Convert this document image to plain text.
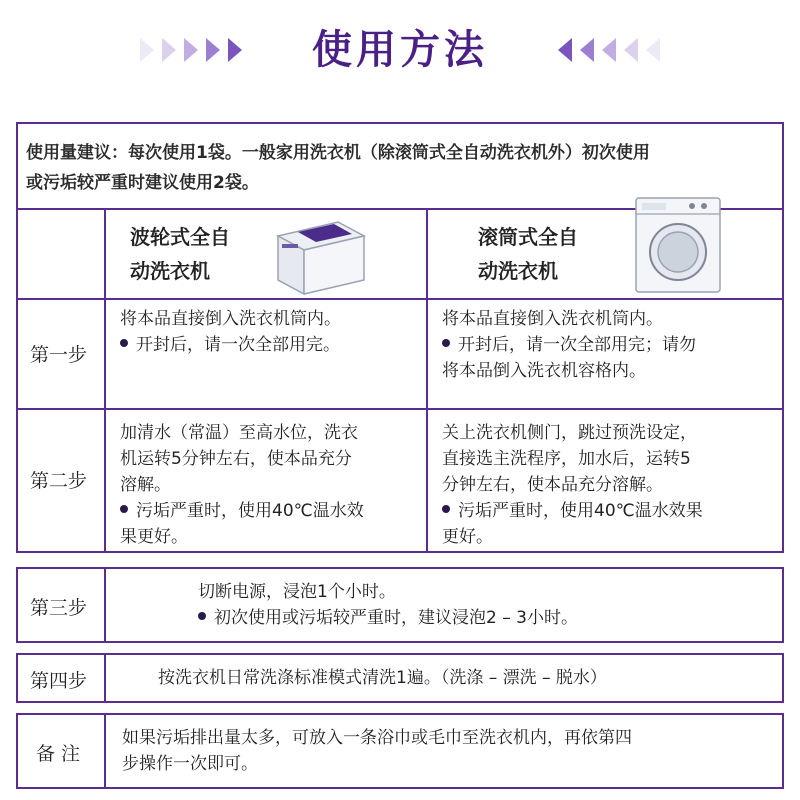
使用方法
使用量建议：每次使用1袋。一般家用洗衣机（除滚筒式全自动洗衣机外）初次使用
或污垢较严重时建议使用2袋。
波轮式全自
动洗衣机
滚筒式全自
动洗衣机
第一步
将本品直接倒入洗衣机筒内。
开封后，请一次全部用完。
将本品直接倒入洗衣机筒内。
开封后，请一次全部用完；请勿
将本品倒入洗衣机容格内。
第二步
加清水（常温）至高水位，洗衣
机运转5分钟左右，使本品充分
溶解。
污垢严重时，使用40℃温水效
果更好。
关上洗衣机侧门，跳过预洗设定，
直接选主洗程序，加水后，运转5
分钟左右，使本品充分溶解。
污垢严重时，使用40℃温水效果
更好。
第三步
切断电源，浸泡1个小时。
初次使用或污垢较严重时，建议浸泡2 – 3小时。
第四步	按洗衣机日常洗涤标准模式清洗1遍。（洗涤 – 漂洗 – 脱水）
备 注
如果污垢排出量太多，可放入一条浴巾或毛巾至洗衣机内，再依第四
步操作一次即可。
